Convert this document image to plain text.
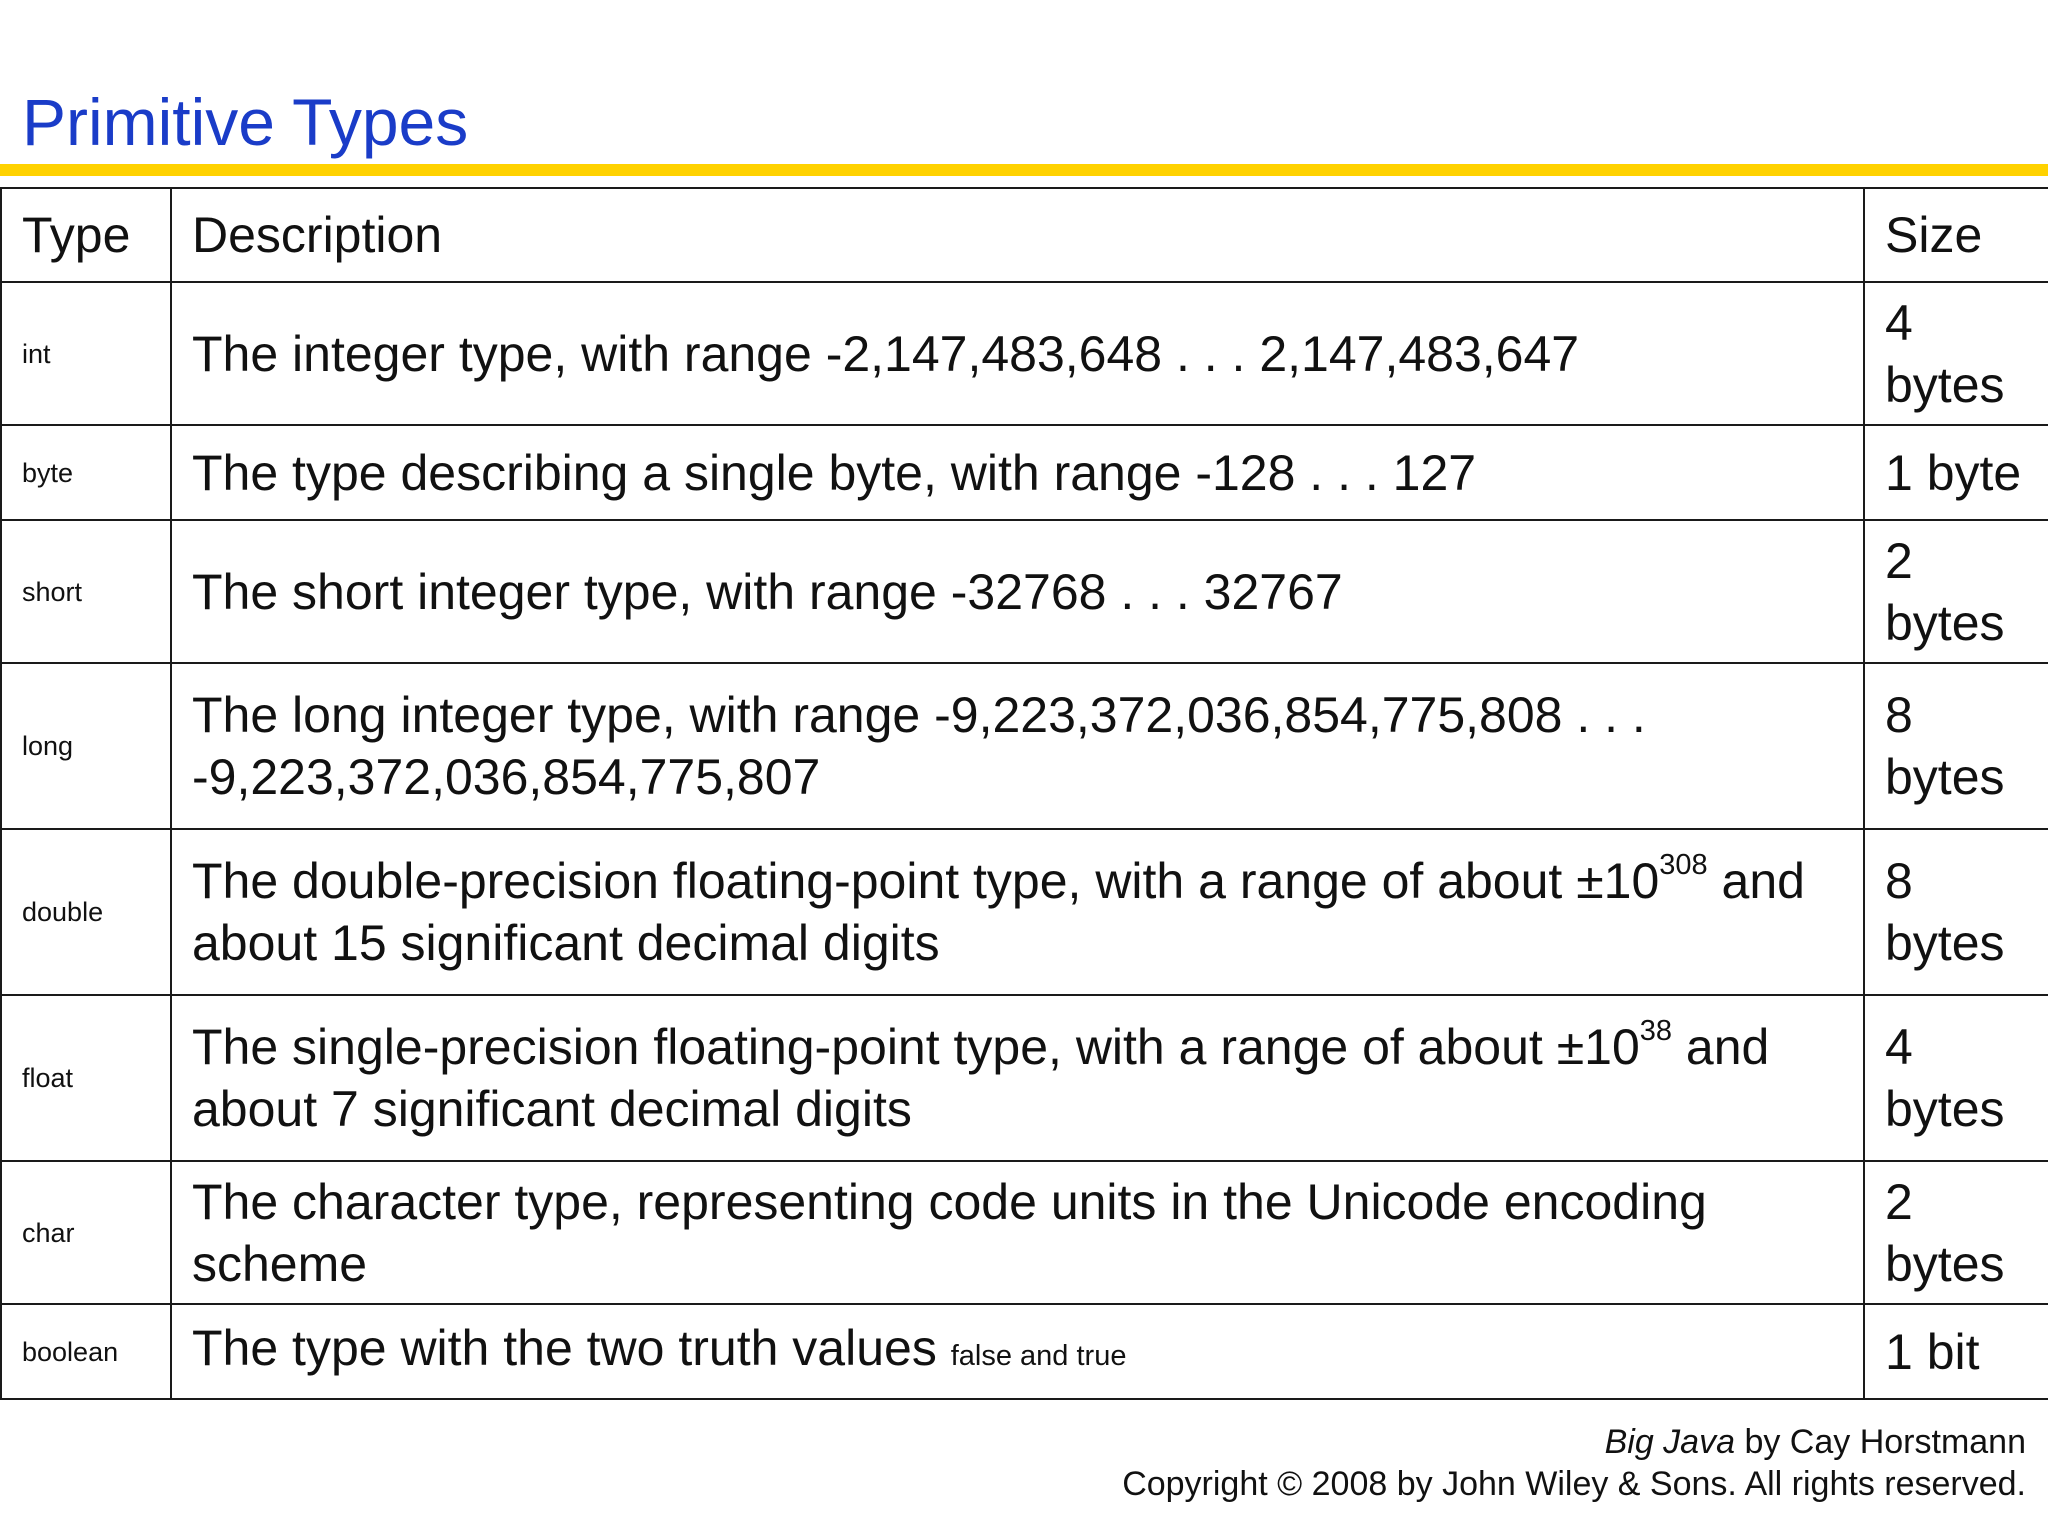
Primitive Types
Type	Description	Size
int	The integer type, with range -2,147,483,648 . . . 2,147,483,647	4 bytes
byte	The type describing a single byte, with range -128 . . . 127	1 byte
short	The short integer type, with range -32768 . . . 32767	2 bytes
long	The long integer type, with range -9,223,372,036,854,775,808 . . . -9,223,372,036,854,775,807	8 bytes
double	The double-precision floating-point type, with a range of about $\pm 10^{308}$ and about 15 significant decimal digits	8 bytes
float	The single-precision floating-point type, with a range of about $\pm 10^{38}$ and about 7 significant decimal digits	4 bytes
char	The character type, representing code units in the Unicode encoding scheme	2 bytes
boolean	The type with the two truth values false and true	1 bit
Big Java by Cay Horstmann
Copyright © 2008 by John Wiley & Sons. All rights reserved.
